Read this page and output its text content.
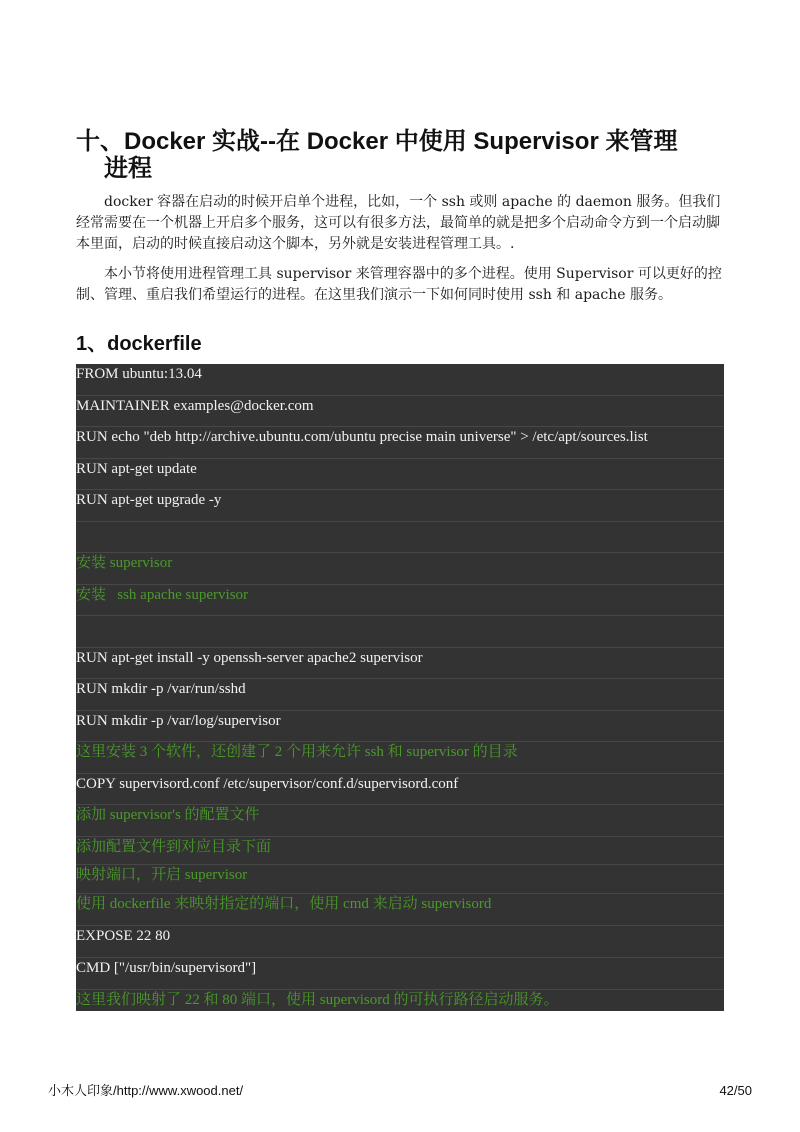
十、Docker 实战--在 Docker 中使用 Supervisor 来管理
进程

docker 容器在启动的时候开启单个进程，比如，一个 ssh 或则 apache 的 daemon 服务。但我们经常需要在一个机器上开启多个服务，这可以有很多方法，最简单的就是把多个启动命令方到一个启动脚本里面，启动的时候直接启动这个脚本，另外就是安装进程管理工具。.

本小节将使用进程管理工具 supervisor 来管理容器中的多个进程。使用 Supervisor 可以更好的控制、管理、重启我们希望运行的进程。在这里我们演示一下如何同时使用 ssh 和 apache 服务。

1、dockerfile
FROM ubuntu:13.04
MAINTAINER examples@docker.com
RUN echo "deb http://archive.ubuntu.com/ubuntu precise main universe" > /etc/apt/sources.list
RUN apt-get update
RUN apt-get upgrade -y
安装 supervisor
安装   ssh apache supervisor
RUN apt-get install -y openssh-server apache2 supervisor
RUN mkdir -p /var/run/sshd
RUN mkdir -p /var/log/supervisor
这里安装 3 个软件，还创建了 2 个用来允许 ssh 和 supervisor 的目录
COPY supervisord.conf /etc/supervisor/conf.d/supervisord.conf
添加 supervisor's 的配置文件
添加配置文件到对应目录下面
映射端口，开启 supervisor
使用 dockerfile 来映射指定的端口，使用 cmd 来启动 supervisord
EXPOSE 22 80
CMD ["/usr/bin/supervisord"]
这里我们映射了 22 和 80 端口，使用 supervisord 的可执行路径启动服务。

小木人印象/http://www.xwood.net/	42/50
